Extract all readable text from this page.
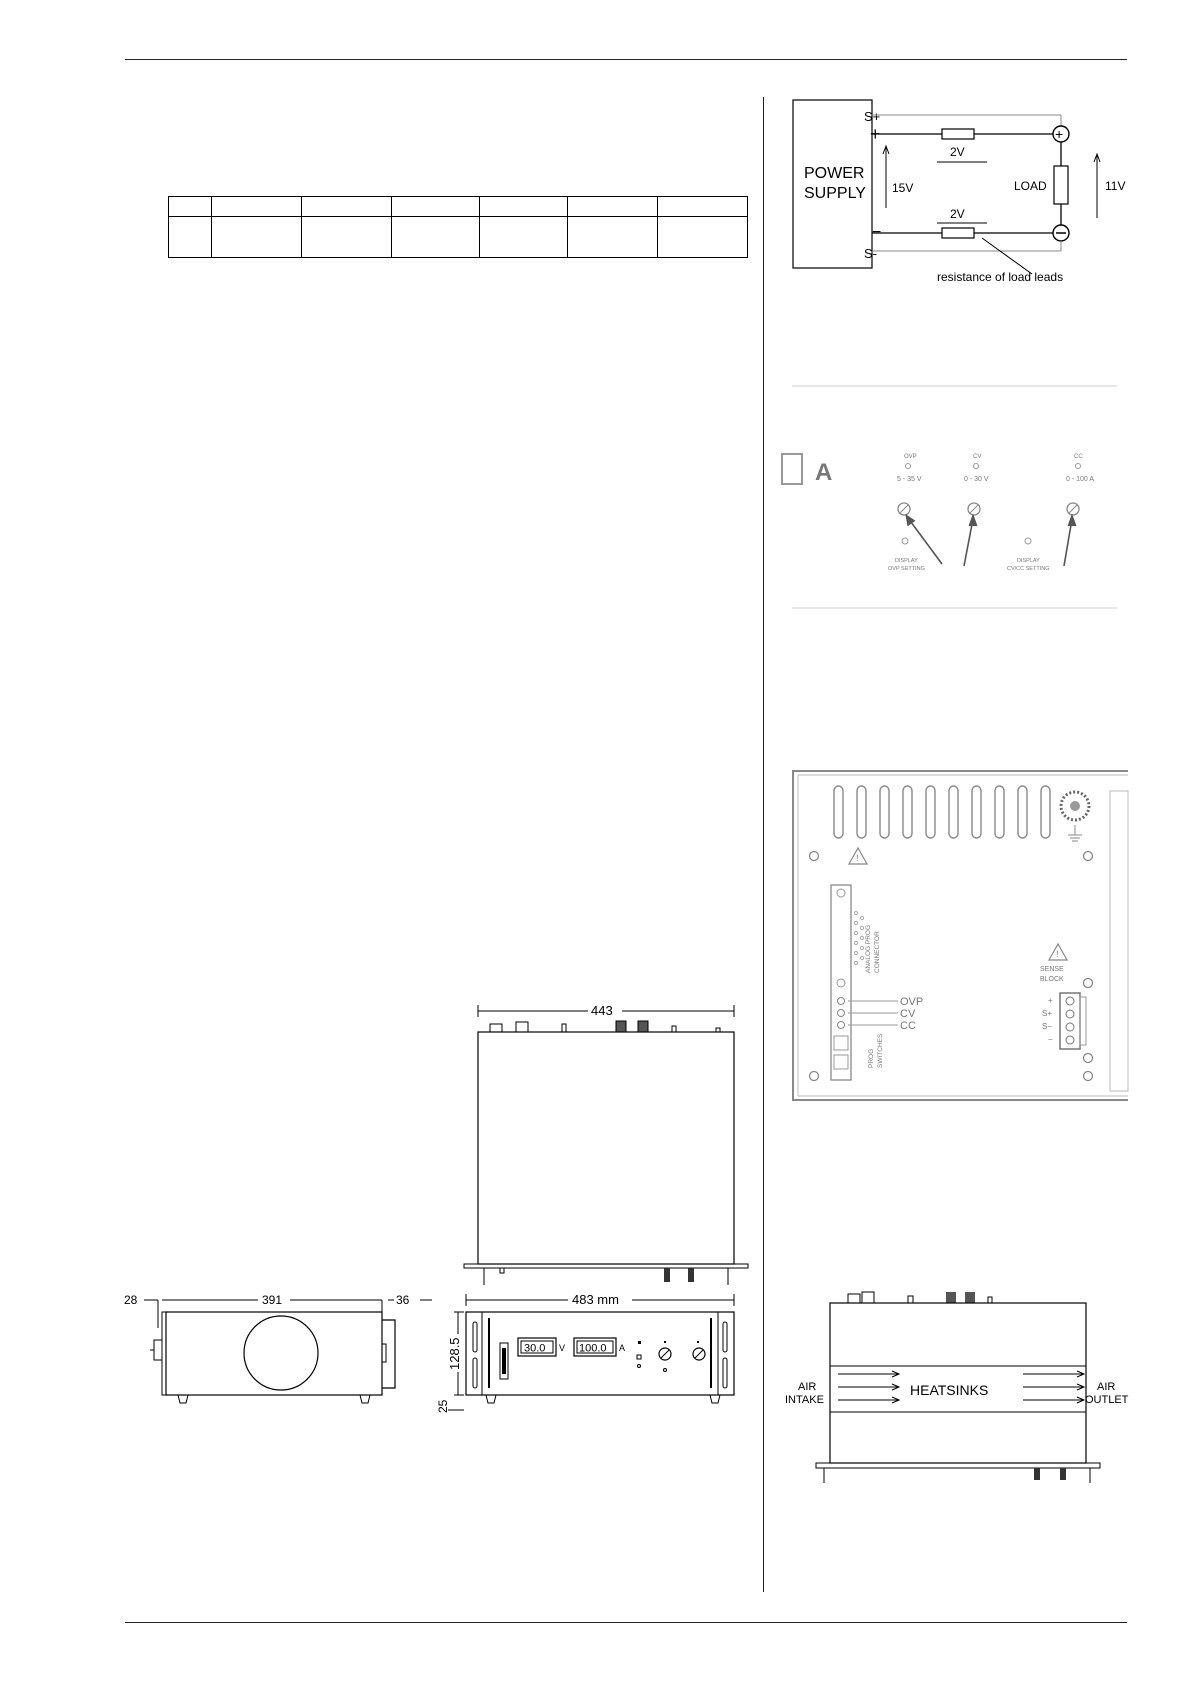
POWER
SUPPLY 15V
S+
+
−
S-
2V
+
LOAD	11V
2V
resistance of load leads
A
OVP
5 - 35 V
CV
0 - 30 V
CC
0 - 100 A
DISPLAY
OVP SETTING
DISPLAY
CV/CC SETTING
!
!
ANALOG PROG CONNECTOR
PROG SWITCHES
OVP
CV
CC
SENSE
BLOCK
+
S+
S−
−
443
28	391	36	483 mm
30.0 V 100.0 A
128.5
25
HEATSINKS
AIR
INTAKE
AIR
OUTLET
